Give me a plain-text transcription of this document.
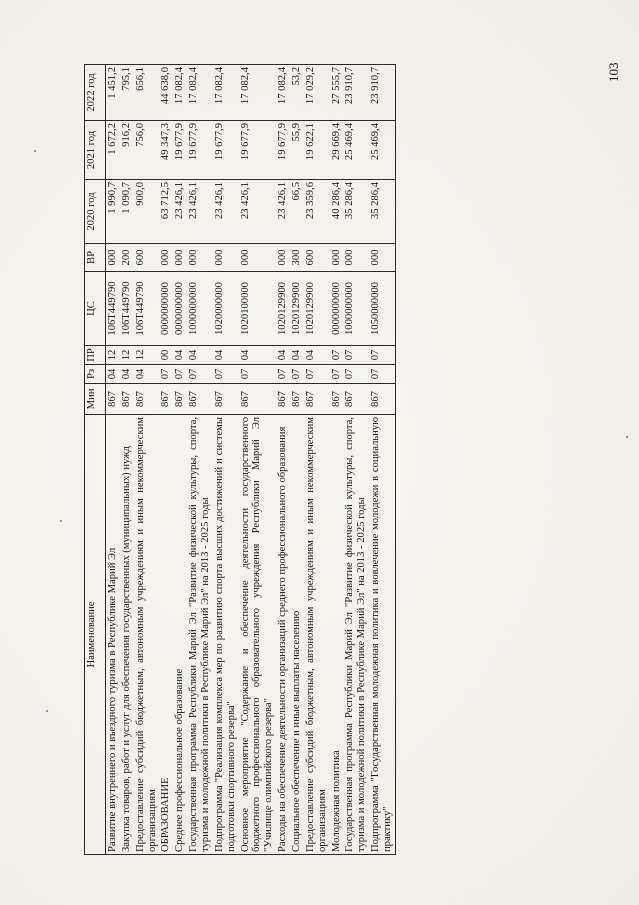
103
Наименование	Мин	Рз	ПР	ЦС	ВР	2020 год	2021 год	2022 год
Развитие внутреннего и въездного туризма в Республике Марий Эл	867	04	12	106Т449790	000	1 990,7	1 672,2	1 451,2
Закупка товаров, работ и услуг для обеспечения государственных (муниципальных) нужд	867	04	12	106Т449790	200	1 090,7	916,2	795,1
Предоставление субсидий бюджетным, автономным учреждениям и иным некоммерческим организациям	867	04	12	106Т449790	600	900,0	756,0	656,1
ОБРАЗОВАНИЕ	867	07	00	0000000000	000	63 712,5	49 347,3	44 638,0
Среднее профессиональное образование	867	07	04	0000000000	000	23 426,1	19 677,9	17 082,4
Государственная программа Республики Марий Эл "Развитие физической культуры, спорта, туризма и молодежной политики в Республике Марий Эл" на 2013 - 2025 годы	867	07	04	1000000000	000	23 426,1	19 677,9	17 082,4
Подпрограмма "Реализация комплекса мер по развитию спорта высших достижений и системы подготовки спортивного резерва"	867	07	04	1020000000	000	23 426,1	19 677,9	17 082,4
Основное мероприятие "Содержание и обеспечение деятельности государственного бюджетного профессионального образовательного учреждения Республики Марий Эл "Училище олимпийского резерва"	867	07	04	1020100000	000	23 426,1	19 677,9	17 082,4
Расходы на обеспечение деятельности организаций среднего профессионального образования	867	07	04	1020129900	000	23 426,1	19 677,9	17 082,4
Социальное обеспечение и иные выплаты населению	867	07	04	1020129900	300	66,5	55,9	53,2
Предоставление субсидий бюджетным, автономным учреждениям и иным некоммерческим организациям	867	07	04	1020129900	600	23 359,6	19 622,1	17 029,2
Молодежная политика	867	07	07	0000000000	000	40 286,4	29 669,4	27 555,7
Государственная программа Республики Марий Эл "Развитие физической культуры, спорта, туризма и молодежной политики в Республике Марий Эл" на 2013 - 2025 годы	867	07	07	1000000000	000	35 286,4	25 469,4	23 910,7
Подпрограмма "Государственная молодежная политика и вовлечение молодежи в социальную практику"	867	07	07	1050000000	000	35 286,4	25 469,4	23 910,7
